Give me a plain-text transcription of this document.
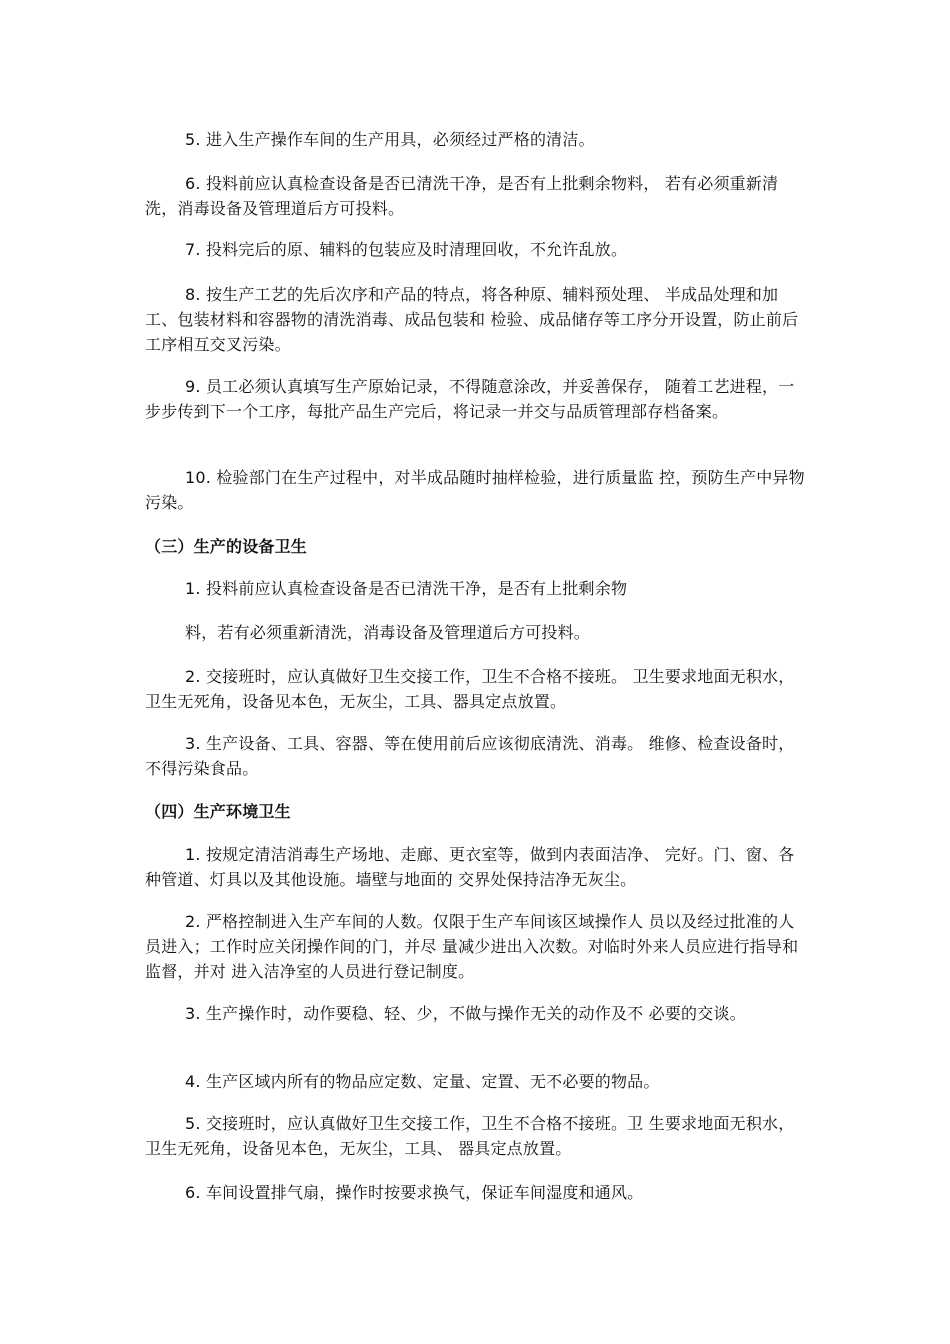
5. 进入生产操作车间的生产用具，必须经过严格的清洁。
6. 投料前应认真检查设备是否已清洗干净，是否有上批剩余物料， 若有必须重新清洗，消毒设备及管理道后方可投料。
7. 投料完后的原、辅料的包装应及时清理回收，不允许乱放。
8. 按生产工艺的先后次序和产品的特点，将各种原、辅料预处理、 半成品处理和加工、包装材料和容器物的清洗消毒、成品包装和 检验、成品储存等工序分开设置，防止前后工序相互交叉污染。
9. 员工必须认真填写生产原始记录，不得随意涂改，并妥善保存， 随着工艺进程，一步步传到下一个工序，每批产品生产完后，将记录一并交与品质管理部存档备案。
10. 检验部门在生产过程中，对半成品随时抽样检验，进行质量监 控，预防生产中异物污染。
（三）生产的设备卫生
1. 投料前应认真检查设备是否已清洗干净，是否有上批剩余物
料，若有必须重新清洗，消毒设备及管理道后方可投料。
2. 交接班时，应认真做好卫生交接工作，卫生不合格不接班。 卫生要求地面无积水，卫生无死角，设备见本色，无灰尘，工具、器具定点放置。
3. 生产设备、工具、容器、等在使用前后应该彻底清洗、消毒。 维修、检查设备时，不得污染食品。
（四）生产环境卫生
1. 按规定清洁消毒生产场地、走廊、更衣室等，做到内表面洁净、 完好。门、窗、各种管道、灯具以及其他设施。墙壁与地面的 交界处保持洁净无灰尘。
2. 严格控制进入生产车间的人数。仅限于生产车间该区域操作人 员以及经过批准的人员进入；工作时应关闭操作间的门，并尽 量减少进出入次数。对临时外来人员应进行指导和监督，并对 进入洁净室的人员进行登记制度。
3. 生产操作时，动作要稳、轻、少，不做与操作无关的动作及不 必要的交谈。
4. 生产区域内所有的物品应定数、定量、定置、无不必要的物品。
5. 交接班时，应认真做好卫生交接工作，卫生不合格不接班。卫 生要求地面无积水，卫生无死角，设备见本色，无灰尘，工具、 器具定点放置。
6. 车间设置排气扇，操作时按要求换气，保证车间湿度和通风。
